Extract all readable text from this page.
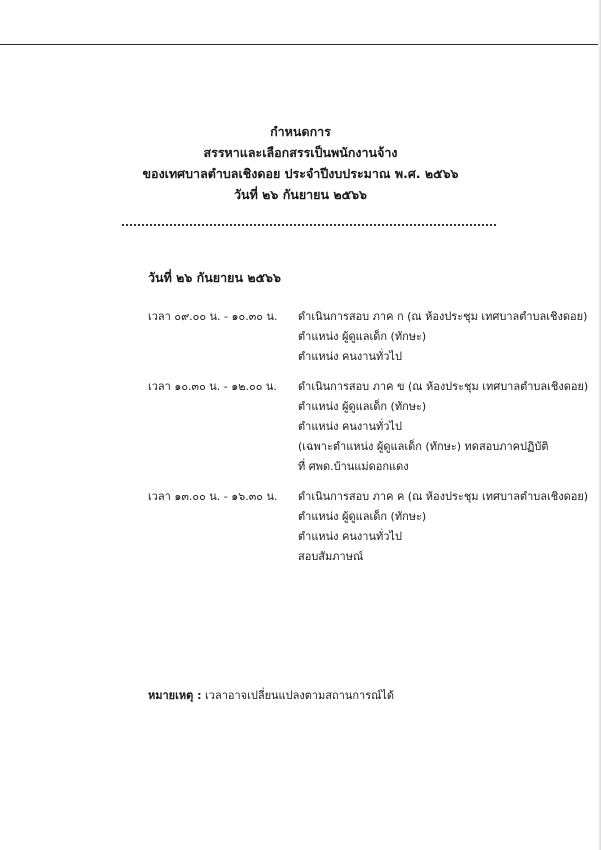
กำหนดการ
สรรหาและเลือกสรรเป็นพนักงานจ้าง
ของเทศบาลตำบลเชิงดอย ประจำปีงบประมาณ พ.ศ. ๒๕๖๖
วันที่ ๒๖ กันยายน ๒๕๖๖
วันที่ ๒๖ กันยายน ๒๕๖๖
เวลา ๐๙.๐๐ น. - ๑๐.๓๐ น. ดำเนินการสอบ ภาค ก (ณ ห้องประชุม เทศบาลตำบลเชิงดอย)
ตำแหน่ง ผู้ดูแลเด็ก (ทักษะ)
ตำแหน่ง คนงานทั่วไป
เวลา ๑๐.๓๐ น. - ๑๒.๐๐ น. ดำเนินการสอบ ภาค ข (ณ ห้องประชุม เทศบาลตำบลเชิงดอย)
ตำแหน่ง ผู้ดูแลเด็ก (ทักษะ)
ตำแหน่ง คนงานทั่วไป
(เฉพาะตำแหน่ง ผู้ดูแลเด็ก (ทักษะ) ทดสอบภาคปฏิบัติ
ที่ ศพด.บ้านแม่ดอกแดง
เวลา ๑๓.๐๐ น. - ๑๖.๓๐ น. ดำเนินการสอบ ภาค ค (ณ ห้องประชุม เทศบาลตำบลเชิงดอย)
ตำแหน่ง ผู้ดูแลเด็ก (ทักษะ)
ตำแหน่ง คนงานทั่วไป
สอบสัมภาษณ์
หมายเหตุ : เวลาอาจเปลี่ยนแปลงตามสถานการณ์ได้
